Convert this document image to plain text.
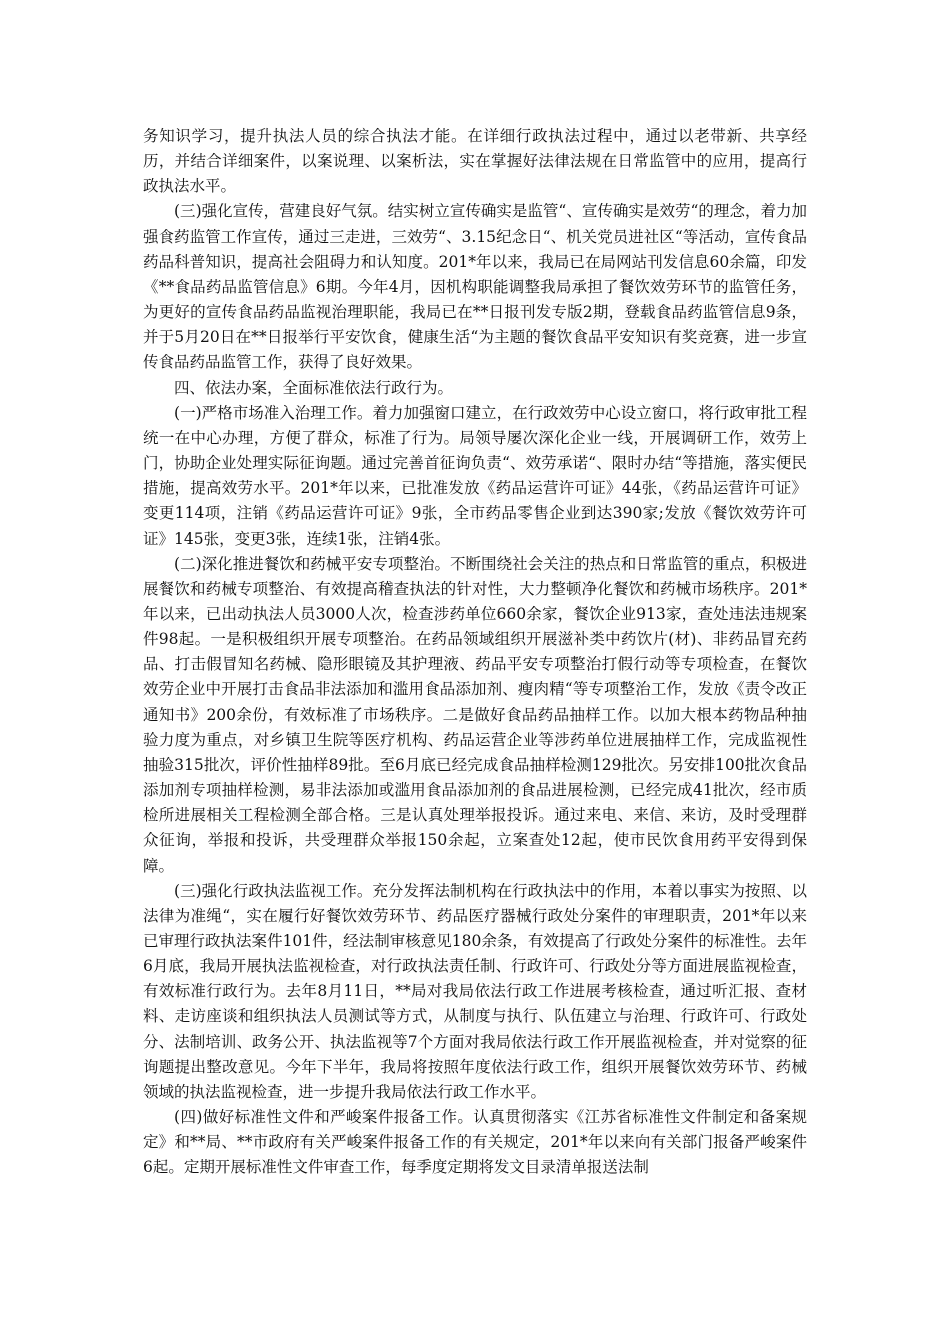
务知识学习，提升执法人员的综合执法才能。在详细行政执法过程中，通过以老带新、共享经历，并结合详细案件，以案说理、以案析法，实在掌握好法律法规在日常监管中的应用，提高行政执法水平。

(三)强化宣传，营建良好气氛。结实树立宣传确实是监管“、宣传确实是效劳“的理念，着力加强食药监管工作宣传，通过三走进，三效劳“、3.15纪念日“、机关党员进社区“等活动，宣传食品药品科普知识，提高社会阻碍力和认知度。201*年以来，我局已在局网站刊发信息60余篇，印发《**食品药品监管信息》6期。今年4月，因机构职能调整我局承担了餐饮效劳环节的监管任务，为更好的宣传食品药品监视治理职能，我局已在**日报刊发专版2期，登载食品药监管信息9条，并于5月20日在**日报举行平安饮食，健康生活“为主题的餐饮食品平安知识有奖竞赛，进一步宣传食品药品监管工作，获得了良好效果。

四、依法办案，全面标准依法行政行为。

(一)严格市场准入治理工作。着力加强窗口建立，在行政效劳中心设立窗口，将行政审批工程统一在中心办理，方便了群众，标准了行为。局领导屡次深化企业一线，开展调研工作，效劳上门，协助企业处理实际征询题。通过完善首征询负责“、效劳承诺“、限时办结“等措施，落实便民措施，提高效劳水平。201*年以来，已批准发放《药品运营许可证》44张，《药品运营许可证》变更114项，注销《药品运营许可证》9张，全市药品零售企业到达390家;发放《餐饮效劳许可证》145张，变更3张，连续1张，注销4张。

(二)深化推进餐饮和药械平安专项整治。不断围绕社会关注的热点和日常监管的重点，积极进展餐饮和药械专项整治、有效提高稽查执法的针对性，大力整顿净化餐饮和药械市场秩序。201*年以来，已出动执法人员3000人次，检查涉药单位660余家，餐饮企业913家，查处违法违规案件98起。一是积极组织开展专项整治。在药品领域组织开展滋补类中药饮片(材)、非药品冒充药品、打击假冒知名药械、隐形眼镜及其护理液、药品平安专项整治打假行动等专项检查，在餐饮效劳企业中开展打击食品非法添加和滥用食品添加剂、瘦肉精“等专项整治工作，发放《责令改正通知书》200余份，有效标准了市场秩序。二是做好食品药品抽样工作。以加大根本药物品种抽验力度为重点，对乡镇卫生院等医疗机构、药品运营企业等涉药单位进展抽样工作，完成监视性抽验315批次，评价性抽样89批。至6月底已经完成食品抽样检测129批次。另安排100批次食品添加剂专项抽样检测，易非法添加或滥用食品添加剂的食品进展检测，已经完成41批次，经市质检所进展相关工程检测全部合格。三是认真处理举报投诉。通过来电、来信、来访，及时受理群众征询，举报和投诉，共受理群众举报150余起，立案查处12起，使市民饮食用药平安得到保障。

(三)强化行政执法监视工作。充分发挥法制机构在行政执法中的作用，本着以事实为按照、以法律为准绳“，实在履行好餐饮效劳环节、药品医疗器械行政处分案件的审理职责，201*年以来已审理行政执法案件101件，经法制审核意见180余条，有效提高了行政处分案件的标准性。去年6月底，我局开展执法监视检查，对行政执法责任制、行政许可、行政处分等方面进展监视检查，有效标准行政行为。去年8月11日，**局对我局依法行政工作进展考核检查，通过听汇报、查材料、走访座谈和组织执法人员测试等方式，从制度与执行、队伍建立与治理、行政许可、行政处分、法制培训、政务公开、执法监视等7个方面对我局依法行政工作开展监视检查，并对觉察的征询题提出整改意见。今年下半年，我局将按照年度依法行政工作，组织开展餐饮效劳环节、药械领域的执法监视检查，进一步提升我局依法行政工作水平。

(四)做好标准性文件和严峻案件报备工作。认真贯彻落实《江苏省标准性文件制定和备案规定》和**局、**市政府有关严峻案件报备工作的有关规定，201*年以来向有关部门报备严峻案件6起。定期开展标准性文件审查工作，每季度定期将发文目录清单报送法制
